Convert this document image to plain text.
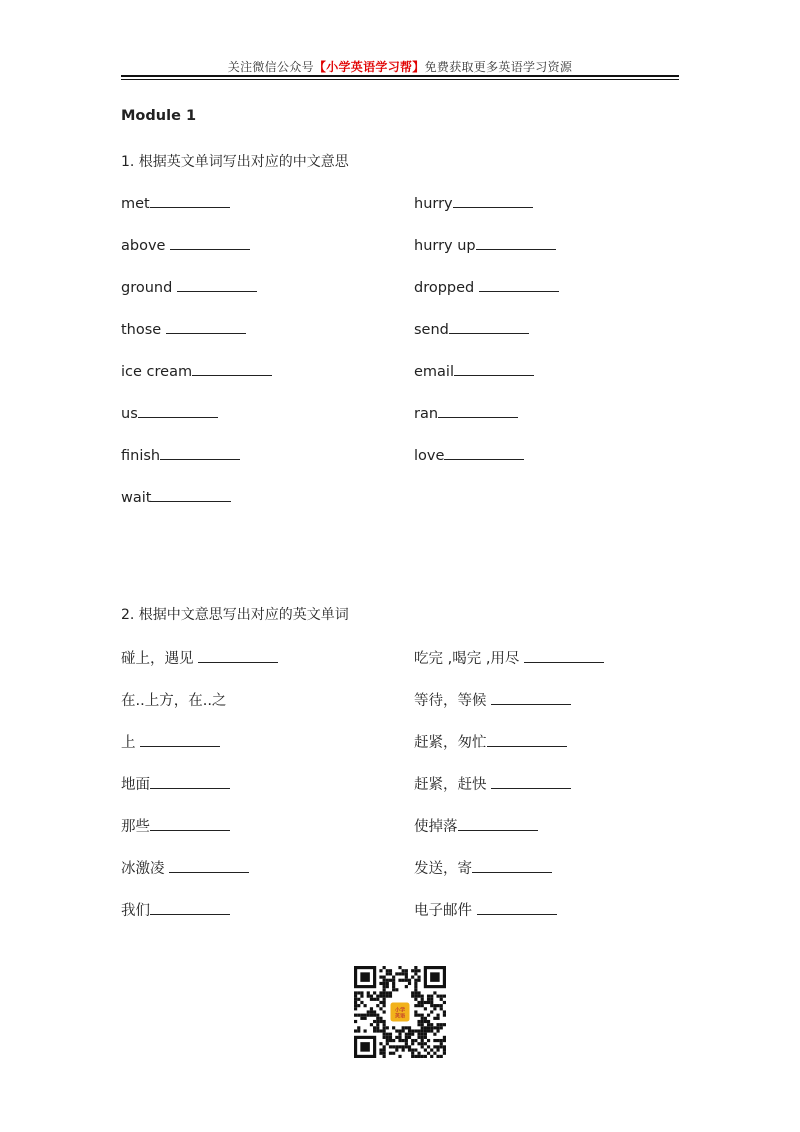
关注微信公众号【小学英语学习帮】免费获取更多英语学习资源
Module 1
1. 根据英文单词写出对应的中文意思
met
above
ground
those
ice cream
us
finish
wait
hurry
hurry up
dropped
send
email
ran
love
2. 根据中文意思写出对应的英文单词
碰上，遇见
在..上方，在..之
上
地面
那些
冰激凌
我们
吃完 ,喝完 ,用尽
等待，等候
赶紧，匆忙
赶紧，赶快
使掉落
发送，寄
电子邮件
小学
英语
